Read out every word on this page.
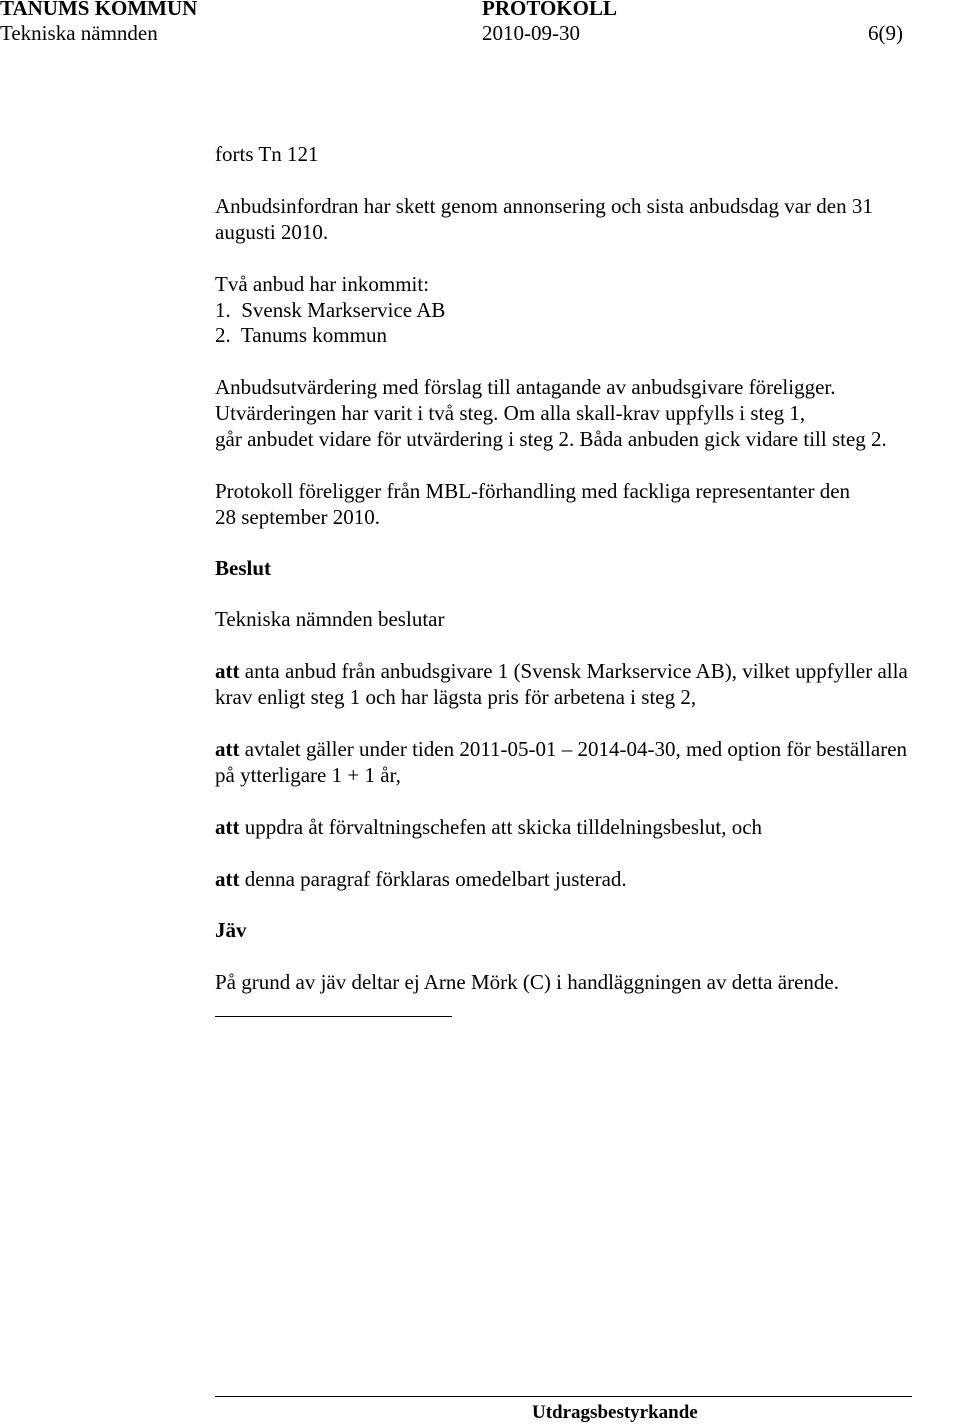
TANUMS KOMMUN	PROTOKOLL
Tekniska nämnden	2010-09-30	6(9)
forts Tn 121
Anbudsinfordran har skett genom annonsering och sista anbudsdag var den 31
augusti 2010.
Två anbud har inkommit:
1.  Svensk Markservice AB
2.  Tanums kommun
Anbudsutvärdering med förslag till antagande av anbudsgivare föreligger.
Utvärderingen har varit i två steg. Om alla skall-krav uppfylls i steg 1,
går anbudet vidare för utvärdering i steg 2. Båda anbuden gick vidare till steg 2.
Protokoll föreligger från MBL-förhandling med fackliga representanter den
28 september 2010.
Beslut
Tekniska nämnden beslutar
att anta anbud från anbudsgivare 1 (Svensk Markservice AB), vilket uppfyller alla
krav enligt steg 1 och har lägsta pris för arbetena i steg 2,
att avtalet gäller under tiden 2011-05-01 – 2014-04-30, med option för beställaren
på ytterligare 1 + 1 år,
att uppdra åt förvaltningschefen att skicka tilldelningsbeslut, och
att denna paragraf förklaras omedelbart justerad.
Jäv
På grund av jäv deltar ej Arne Mörk (C) i handläggningen av detta ärende.
Utdragsbestyrkande
